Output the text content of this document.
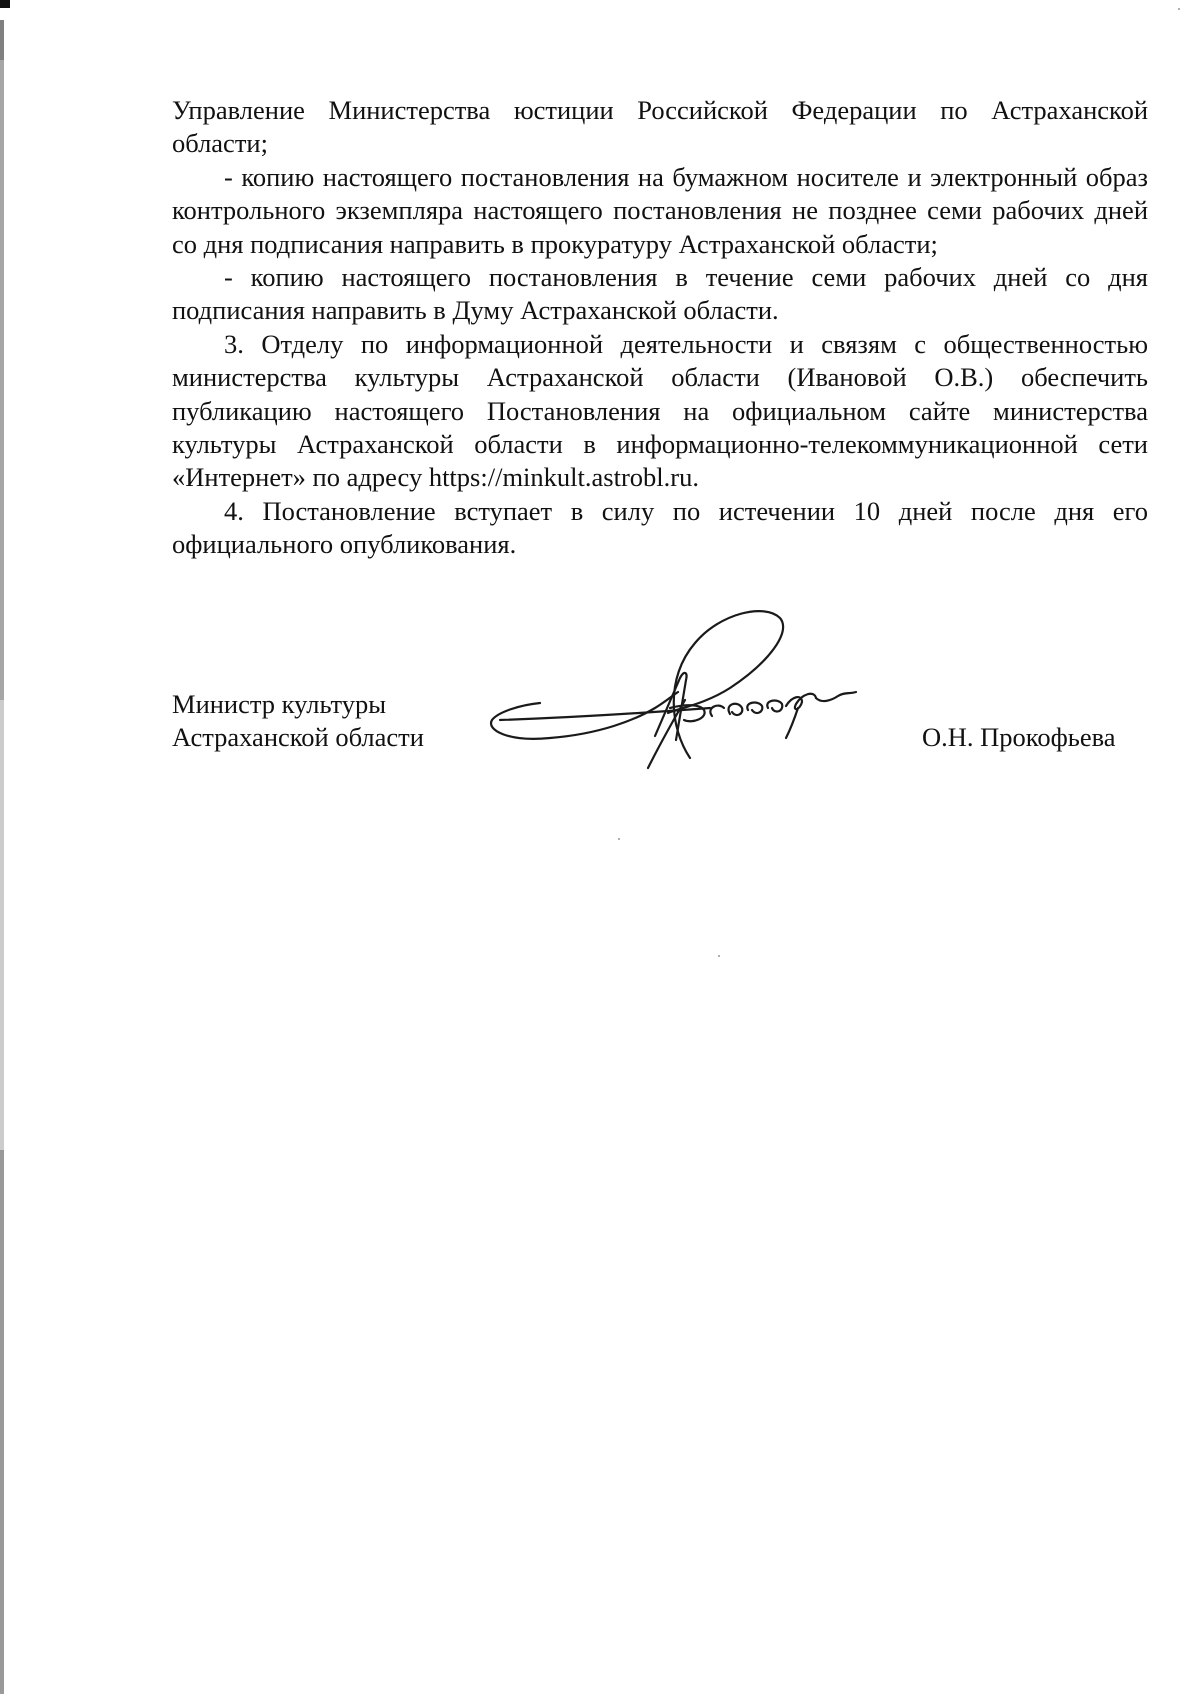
Управление Министерства юстиции Российской Федерации по Астраханской области;

- копию настоящего постановления на бумажном носителе и электронный образ контрольного экземпляра настоящего постановления не позднее семи рабочих дней со дня подписания направить в прокуратуру Астраханской области;

- копию настоящего постановления в течение семи рабочих дней со дня подписания направить в Думу Астраханской области.

3. Отделу по информационной деятельности и связям с общественностью министерства культуры Астраханской области (Ивановой О.В.) обеспечить публикацию настоящего Постановления на официальном сайте министерства культуры Астраханской области в информационно-телекоммуникационной сети «Интернет» по адресу https://minkult.astrobl.ru.

4. Постановление вступает в силу по истечении 10 дней после дня его официального опубликования.

Министр культуры
Астраханской области	О.Н. Прокофьева
